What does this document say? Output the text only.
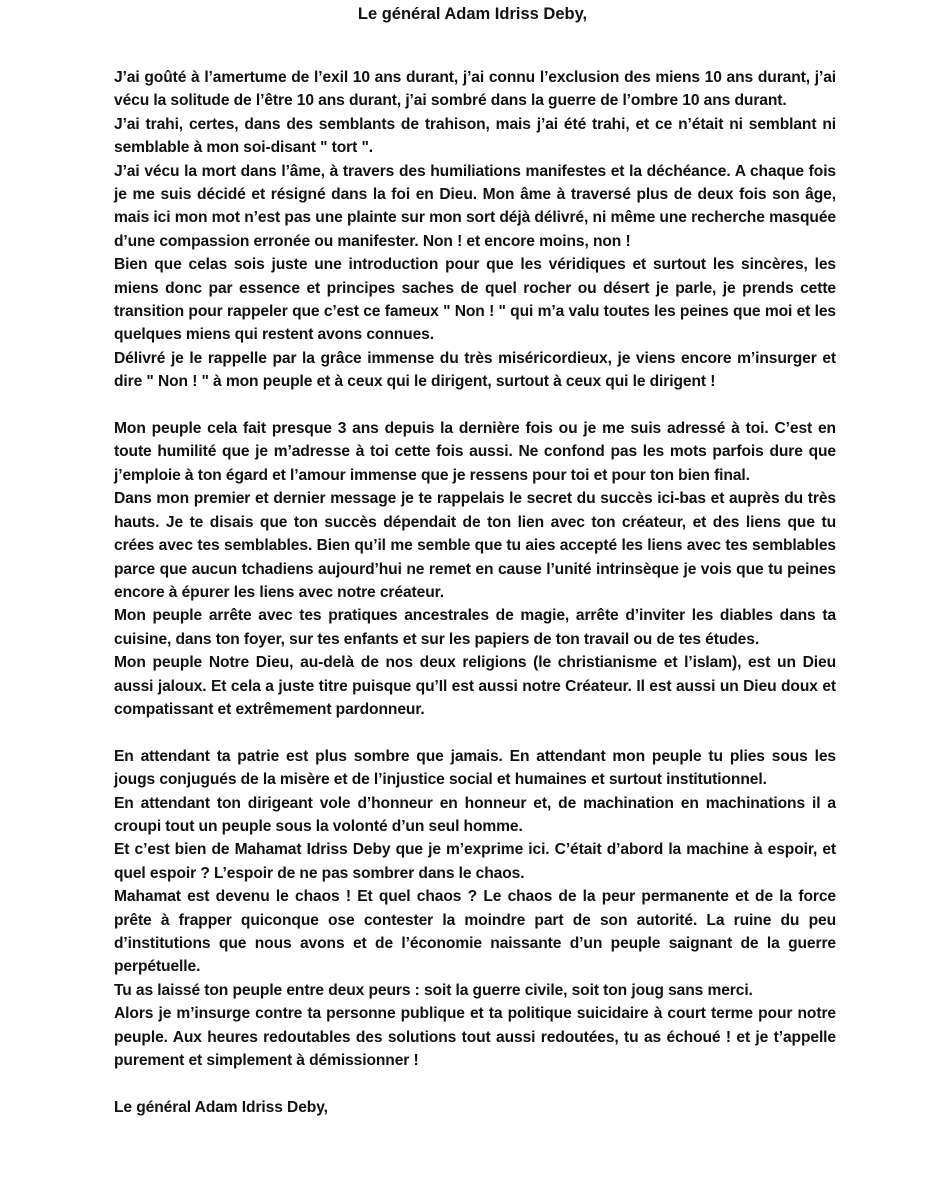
Le général Adam Idriss Deby,

J’ai goûté à l’amertume de l’exil 10 ans durant, j’ai connu l’exclusion des miens 10 ans durant, j’ai vécu la solitude de l’être 10 ans durant, j’ai sombré dans la guerre de l’ombre 10 ans durant.

J’ai trahi, certes, dans des semblants de trahison, mais j’ai été trahi, et ce n’était ni semblant ni semblable à mon soi-disant " tort ".

J’ai vécu la mort dans l’âme, à travers des humiliations manifestes et la déchéance. A chaque fois je me suis décidé et résigné dans la foi en Dieu. Mon âme à traversé plus de deux fois son âge, mais ici mon mot n’est pas une plainte sur mon sort déjà délivré, ni même une recherche masquée d’une compassion erronée ou manifester. Non ! et encore moins, non !

Bien que celas sois juste une introduction pour que les véridiques et surtout les sincères, les miens donc par essence et principes saches de quel rocher ou désert je parle, je prends cette transition pour rappeler que c’est ce fameux " Non ! " qui m’a valu toutes les peines que moi et les quelques miens qui restent avons connues.

Délivré je le rappelle par la grâce immense du très miséricordieux, je viens encore m’insurger et dire " Non ! " à mon peuple et à ceux qui le dirigent, surtout à ceux qui le dirigent !

Mon peuple cela fait presque 3 ans depuis la dernière fois ou je me suis adressé à toi. C’est en toute humilité que je m’adresse à toi cette fois aussi. Ne confond pas les mots parfois dure que j’emploie à ton égard et l’amour immense que je ressens pour toi et pour ton bien final.

Dans mon premier et dernier message je te rappelais le secret du succès ici-bas et auprès du très hauts. Je te disais que ton succès dépendait de ton lien avec ton créateur, et des liens que tu crées avec tes semblables. Bien qu’il me semble que tu aies accepté les liens avec tes semblables parce que aucun tchadiens aujourd’hui ne remet en cause l’unité intrinsèque je vois que tu peines encore à épurer les liens avec notre créateur.

Mon peuple arrête avec tes pratiques ancestrales de magie, arrête d’inviter les diables dans ta cuisine, dans ton foyer, sur tes enfants et sur les papiers de ton travail ou de tes études.

Mon peuple Notre Dieu, au-delà de nos deux religions (le christianisme et l’islam), est un Dieu aussi jaloux. Et cela a juste titre puisque qu’Il est aussi notre Créateur. Il est aussi un Dieu doux et compatissant et extrêmement pardonneur.

En attendant ta patrie est plus sombre que jamais. En attendant mon peuple tu plies sous les jougs conjugués de la misère et de l’injustice social et humaines et surtout institutionnel.

En attendant ton dirigeant vole d’honneur en honneur et, de machination en machinations il a croupi tout un peuple sous la volonté d’un seul homme.

Et c’est bien de Mahamat Idriss Deby que je m’exprime ici. C’était d’abord la machine à espoir, et quel espoir ? L’espoir de ne pas sombrer dans le chaos.

Mahamat est devenu le chaos ! Et quel chaos ? Le chaos de la peur permanente et de la force prête à frapper quiconque ose contester la moindre part de son autorité. La ruine du peu d’institutions que nous avons et de l’économie naissante d’un peuple saignant de la guerre perpétuelle.

Tu as laissé ton peuple entre deux peurs : soit la guerre civile, soit ton joug sans merci.

Alors je m’insurge contre ta personne publique et ta politique suicidaire à court terme pour notre peuple. Aux heures redoutables des solutions tout aussi redoutées, tu as échoué ! et je t’appelle purement et simplement à démissionner !

Le général Adam Idriss Deby,
